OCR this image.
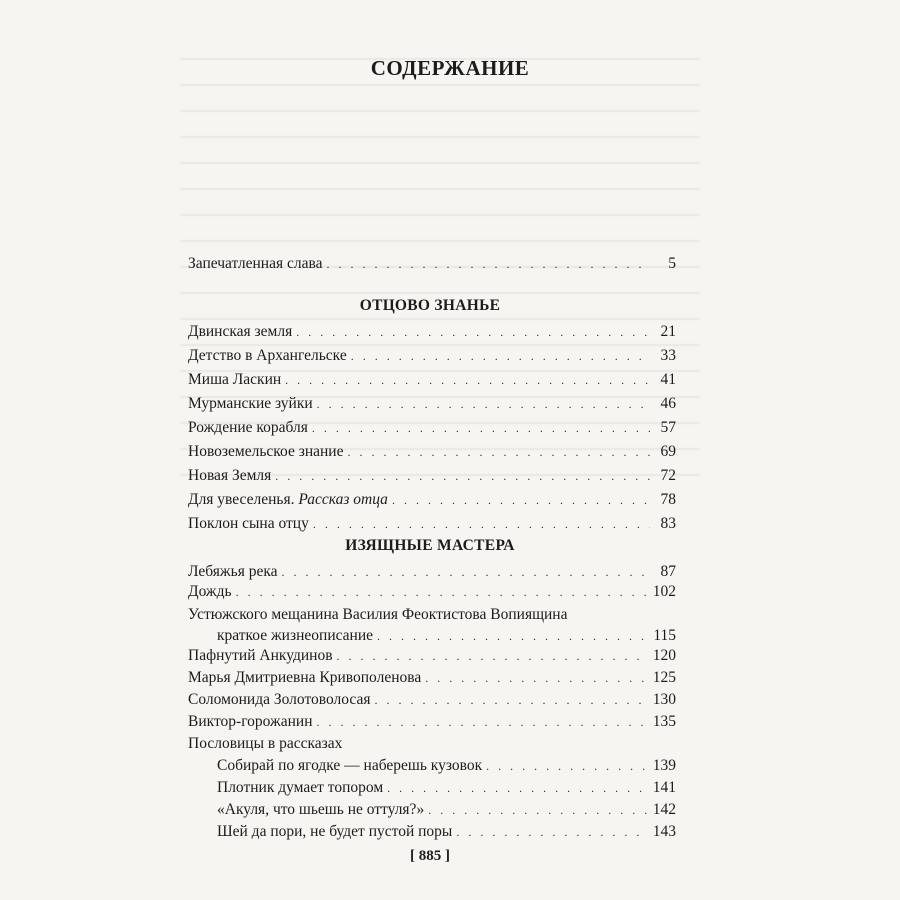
СОДЕРЖАНИЕ
Запечатленная слава . . .	5
ОТЦОВО ЗНАНЬЕ
Двинская земля . . .	21
Детство в Архангельске . . .	33
Миша Ласкин . . .	41
Мурманские зуйки . . .	46
Рождение корабля . . .	57
Новоземельское знание . . .	69
Новая Земля . . .	72
Для увеселенья. Рассказ отца . . .	78
Поклон сына отцу . . .	83
ИЗЯЩНЫЕ МАСТЕРА
Лебяжья река . . .	87
Дождь . . .	102
Устюжского мещанина Василия Феоктистова Вопиящина
краткое жизнеописание . . .	115
Пафнутий Анкудинов . . .	120
Марья Дмитриевна Кривополенова . . .	125
Соломонида Золотоволосая . . .	130
Виктор-горожанин . . .	135
Пословицы в рассказах
Собирай по ягодке — наберешь кузовок . . .	139
Плотник думает топором . . .	141
«Акуля, что шьешь не оттуля?» . . .	142
Шей да пори, не будет пустой поры . . .	143
[ 885 ]
